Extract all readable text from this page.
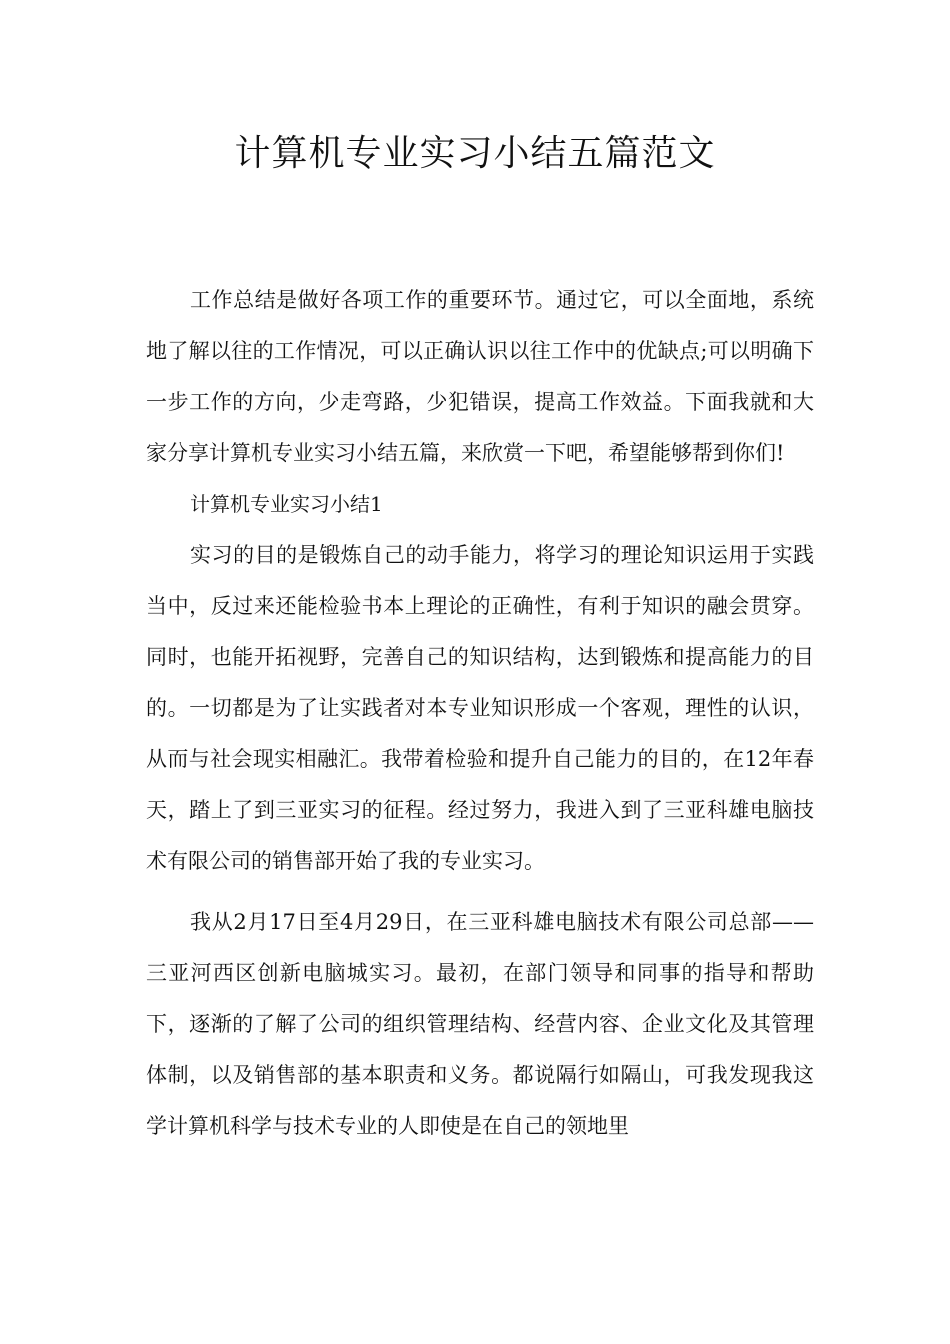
计算机专业实习小结五篇范文

工作总结是做好各项工作的重要环节。通过它，可以全面地，系统地了解以往的工作情况，可以正确认识以往工作中的优缺点;可以明确下一步工作的方向，少走弯路，少犯错误，提高工作效益。下面我就和大家分享计算机专业实习小结五篇，来欣赏一下吧，希望能够帮到你们!

计算机专业实习小结1

实习的目的是锻炼自己的动手能力，将学习的理论知识运用于实践当中，反过来还能检验书本上理论的正确性，有利于知识的融会贯穿。同时，也能开拓视野，完善自己的知识结构，达到锻炼和提高能力的目的。一切都是为了让实践者对本专业知识形成一个客观，理性的认识，从而与社会现实相融汇。我带着检验和提升自己能力的目的，在12年春天，踏上了到三亚实习的征程。经过努力，我进入到了三亚科雄电脑技术有限公司的销售部开始了我的专业实习。

我从2月17日至4月29日，在三亚科雄电脑技术有限公司总部——三亚河西区创新电脑城实习。最初，在部门领导和同事的指导和帮助下，逐渐的了解了公司的组织管理结构、经营内容、企业文化及其管理体制，以及销售部的基本职责和义务。都说隔行如隔山，可我发现我这学计算机科学与技术专业的人即使是在自己的领地里
